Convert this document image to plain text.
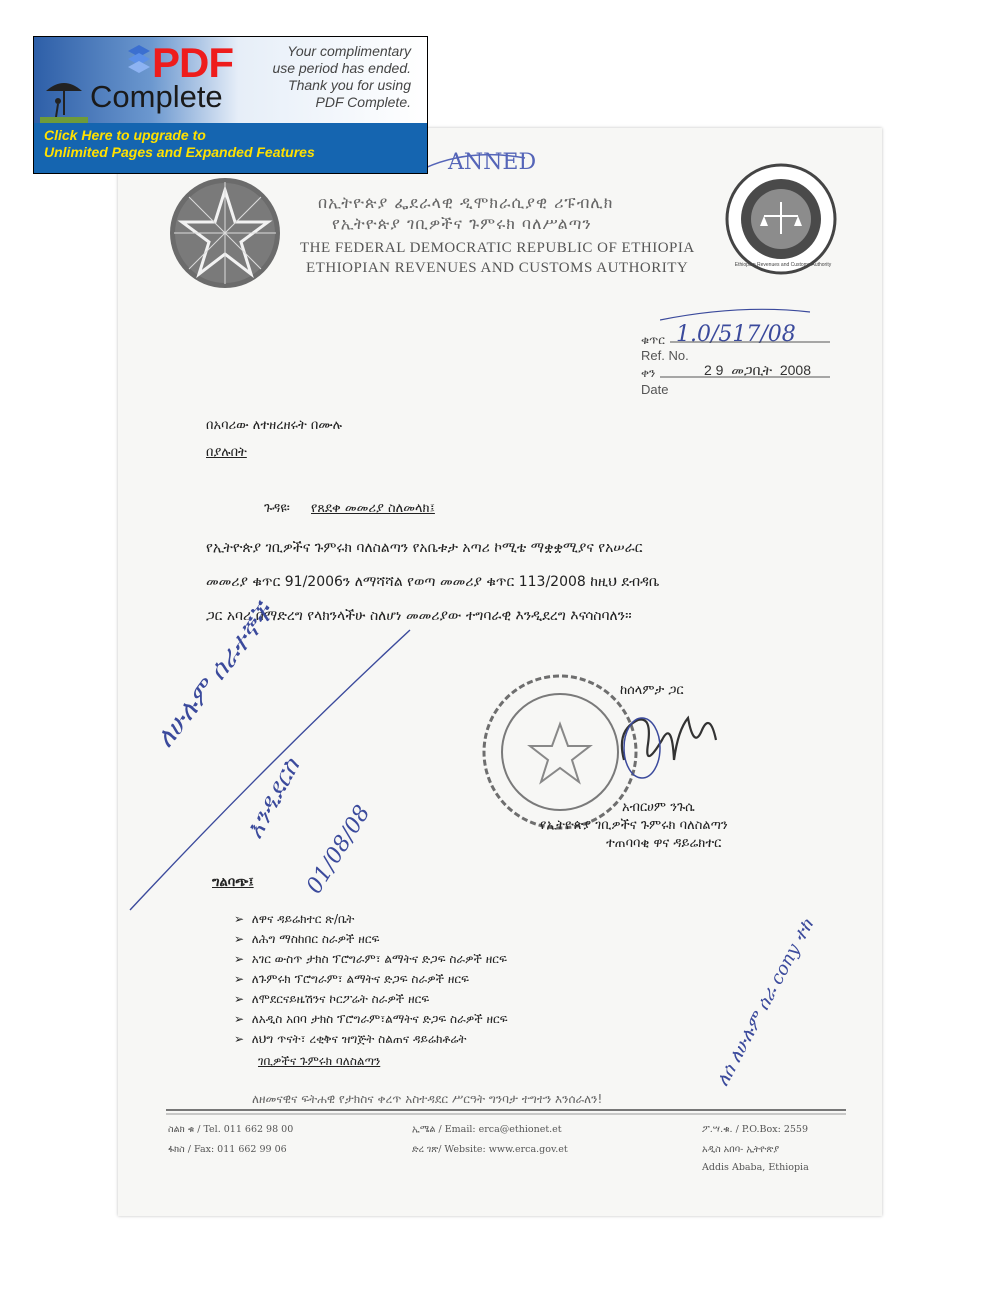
PDF
Complete
Your complimentary
use period has ended.
Thank you for using
PDF Complete.
Click Here to upgrade to
Unlimited Pages and Expanded Features	ANNED
Ethiopian Revenues and Customs Authority
በኢትዮጵያ ፌደራላዊ ዲሞክራሲያዊ ሪፑብሊክ
የኢትዮጵያ ገቢዎችና ጉምሩክ ባለሥልጣን
THE FEDERAL DEMOCRATIC REPUBLIC OF ETHIOPIA
ETHIOPIAN REVENUES AND CUSTOMS AUTHORITY
ቁጥር 1.0/517/08
Ref. No.
ቀን	2 9  መጋቢት  2008
Date
በአባሪው ለተዘረዘሩት በሙሉ
በያሉበት
ጉዳዩ፡ የጸደቀ መመሪያ ስለመላክ፤
የኢትዮጵያ ገቢዎችና ጉምሩክ ባለስልጣን የአቤቱታ አጣሪ ኮሚቴ ማቋቋሚያና የአሠራር
መመሪያ ቁጥር 91/2006ን ለማሻሻል የወጣ መመሪያ ቁጥር 113/2008 ከዚህ ደብዳቤ
ጋር አባሪ በማድረግ የላክንላችሁ ስለሆነ መመሪያው ተግባራዊ እንዲደረግ እናሳስባለን።
ከሰላምታ ጋር
አብርሀም ንጉሴ
የኢትዮጵያ ገቢዎችና ጉምሩክ ባለስልጣን
ተጠባባቂ ዋና ዳይሬክተር
ለሁሉም ሰራተኞች
እንዲደርስ
01/08/08
ግልባጭ፤
➢  ለዋና ዳይሬክተር ጽ/ቤት
➢  ለሕግ ማስከበር ስራዎች ዘርፍ
➢  አገር ውስጥ ታክስ ፕሮግራም፣ ልማትና ድጋፍ ስራዎች ዘርፍ
➢  ለጉምሩክ ፕሮግራም፣ ልማትና ድጋፍ ስራዎች ዘርፍ
➢  ለሞደርናይዜሽንና ኮርፖሬት ስራዎች ዘርፍ
➢  ለአዲስ አበባ ታክስ ፕሮግራም፣ልማትና ድጋፍ ስራዎች ዘርፍ
➢  ለህግ ጥናት፣ ረቂቅና ዝግጅት ስልጠና ዳይሬክቶሬት
ገቢዎችና ጉምሩክ ባለስልጣን	ለሰ ለሁሉም ሰራ cony ተከ
ለዘመናዊና ፍትሐዊ የታክስና ቀረጥ አስተዳደር ሥርዓት ግንባታ ተግተን እንሰራለን!
ስልክ ቁ / Tel. 011 662 98 00
ፋክስ / Fax: 011 662 99 06
ኢሜል / Email: erca@ethionet.et
ድረ ገጽ/ Website: www.erca.gov.et
ፖ.ሣ.ቁ. / P.O.Box: 2559
አዲስ አበባ- ኢትዮጵያ
Addis Ababa, Ethiopia
